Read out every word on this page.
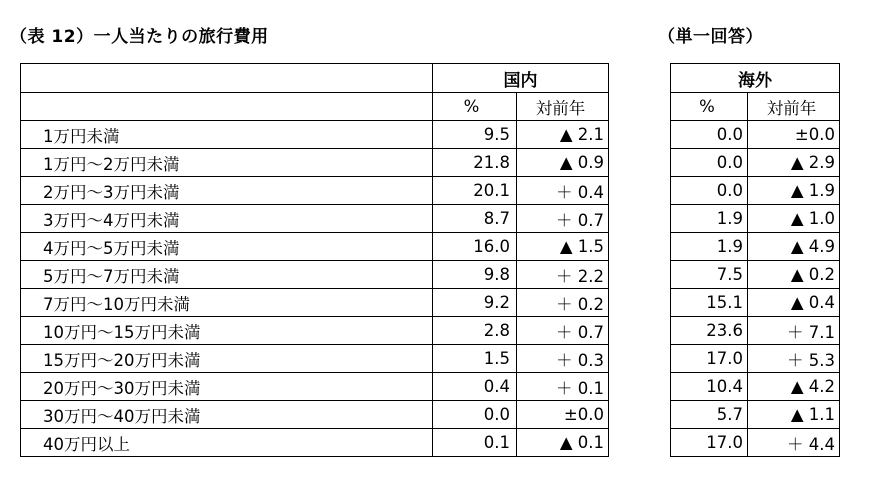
（表 12）一人当たりの旅行費用	（単一回答）
	国内	
	%	対前年
1万円未満	9.5	▲ 2.1
1万円～2万円未満	21.8	▲ 0.9
2万円～3万円未満	20.1	＋ 0.4
3万円～4万円未満	8.7	＋ 0.7
4万円～5万円未満	16.0	▲ 1.5
5万円～7万円未満	9.8	＋ 2.2
7万円～10万円未満	9.2	＋ 0.2
10万円～15万円未満	2.8	＋ 0.7
15万円～20万円未満	1.5	＋ 0.3
20万円～30万円未満	0.4	＋ 0.1
30万円～40万円未満	0.0	±0.0
40万円以上	0.1	▲ 0.1
海外	
%	対前年
0.0	±0.0
0.0	▲ 2.9
0.0	▲ 1.9
1.9	▲ 1.0
1.9	▲ 4.9
7.5	▲ 0.2
15.1	▲ 0.4
23.6	＋ 7.1
17.0	＋ 5.3
10.4	▲ 4.2
5.7	▲ 1.1
17.0	＋ 4.4
